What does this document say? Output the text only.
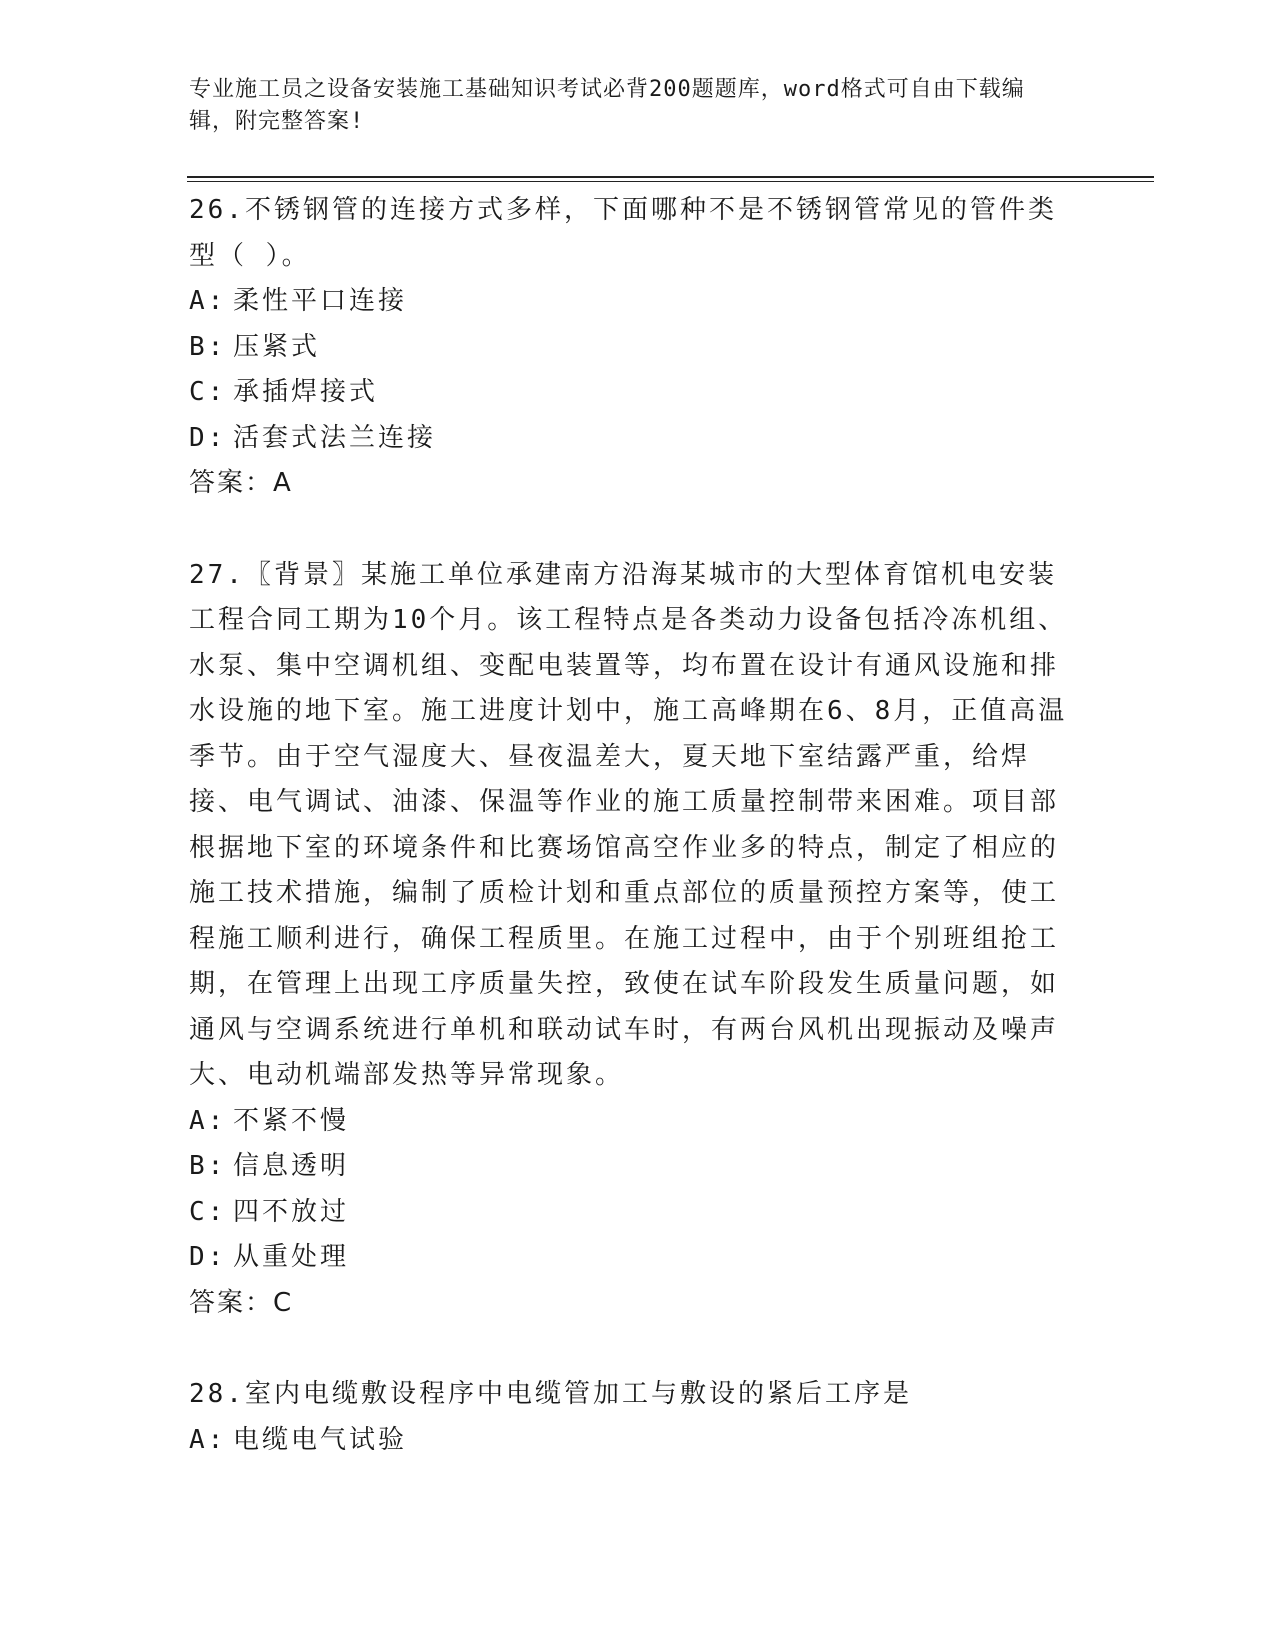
专业施工员之设备安装施工基础知识考试必背200题题库，word格式可自由下载编辑，附完整答案!

26.不锈钢管的连接方式多样，下面哪种不是不锈钢管常见的管件类型（ ）。

A: 柔性平口连接

B: 压紧式

C: 承插焊接式

D: 活套式法兰连接

答案：A

27.〖背景〗某施工单位承建南方沿海某城市的大型体育馆机电安装工程合同工期为10个月。该工程特点是各类动力设备包括冷冻机组、水泵、集中空调机组、变配电装置等，均布置在设计有通风设施和排水设施的地下室。施工进度计划中，施工高峰期在6、8月，正值高温季节。由于空气湿度大、昼夜温差大，夏天地下室结露严重，给焊接、电气调试、油漆、保温等作业的施工质量控制带来困难。项目部根据地下室的环境条件和比赛场馆高空作业多的特点，制定了相应的施工技术措施，编制了质检计划和重点部位的质量预控方案等，使工程施工顺利进行，确保工程质里。在施工过程中，由于个别班组抢工期，在管理上出现工序质量失控，致使在试车阶段发生质量问题，如通风与空调系统进行单机和联动试车时，有两台风机出现振动及噪声大、电动机端部发热等异常现象。

A: 不紧不慢

B: 信息透明

C: 四不放过

D: 从重处理

答案：C

28.室内电缆敷设程序中电缆管加工与敷设的紧后工序是

A: 电缆电气试验
